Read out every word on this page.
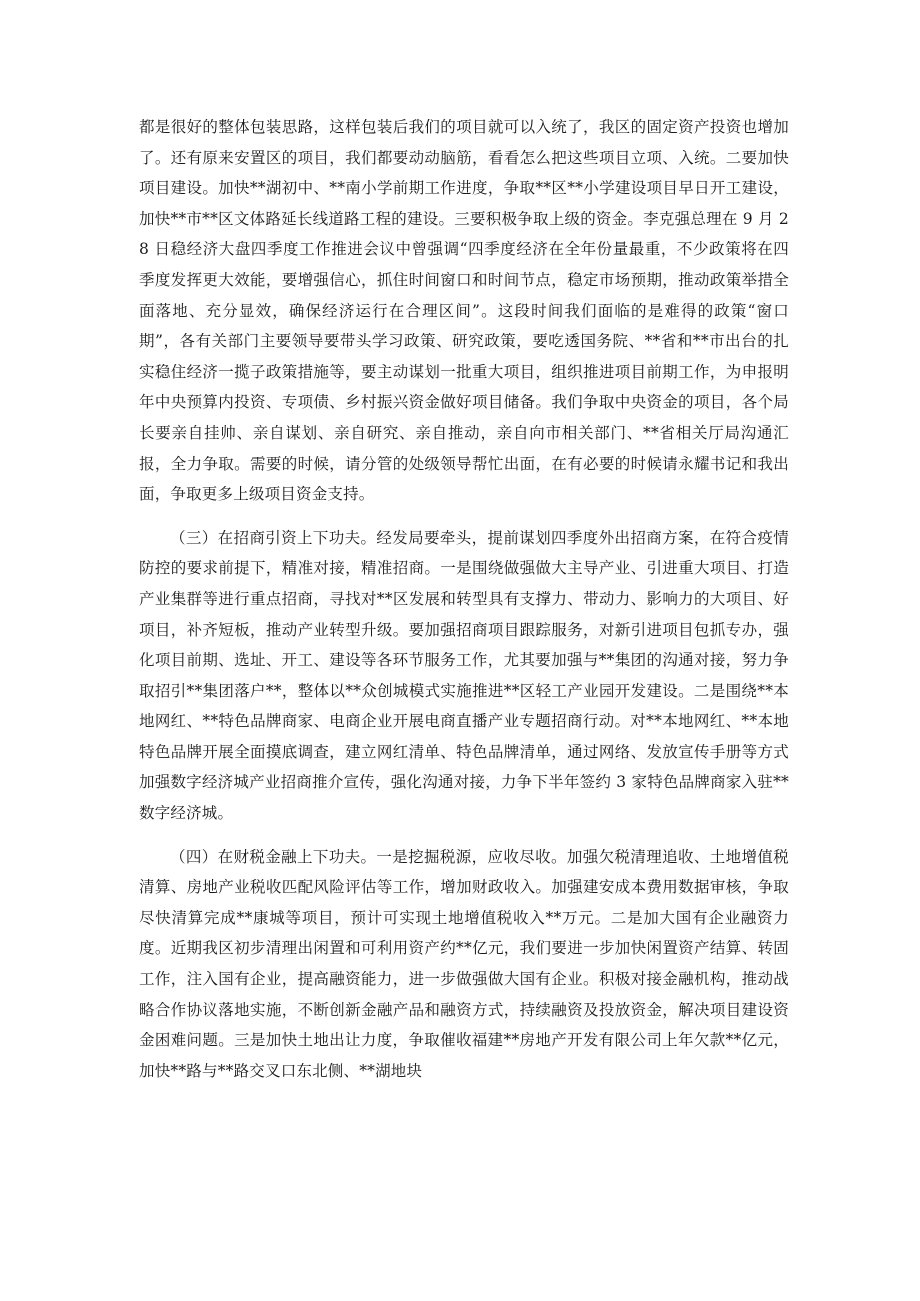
都是很好的整体包装思路，这样包装后我们的项目就可以入统了，我区的固定资产投资也增加了。还有原来安置区的项目，我们都要动动脑筋，看看怎么把这些项目立项、入统。二要加快项目建设。加快**湖初中、**南小学前期工作进度，争取**区**小学建设项目早日开工建设，加快**市**区文体路延长线道路工程的建设。三要积极争取上级的资金。李克强总理在 9 月 28 日稳经济大盘四季度工作推进会议中曾强调“四季度经济在全年份量最重，不少政策将在四季度发挥更大效能，要增强信心，抓住时间窗口和时间节点，稳定市场预期，推动政策举措全面落地、充分显效，确保经济运行在合理区间”。这段时间我们面临的是难得的政策“窗口期”，各有关部门主要领导要带头学习政策、研究政策，要吃透国务院、**省和**市出台的扎实稳住经济一揽子政策措施等，要主动谋划一批重大项目，组织推进项目前期工作，为申报明年中央预算内投资、专项债、乡村振兴资金做好项目储备。我们争取中央资金的项目，各个局长要亲自挂帅、亲自谋划、亲自研究、亲自推动，亲自向市相关部门、**省相关厅局沟通汇报，全力争取。需要的时候，请分管的处级领导帮忙出面，在有必要的时候请永耀书记和我出面，争取更多上级项目资金支持。

（三）在招商引资上下功夫。经发局要牵头，提前谋划四季度外出招商方案，在符合疫情防控的要求前提下，精准对接，精准招商。一是围绕做强做大主导产业、引进重大项目、打造产业集群等进行重点招商，寻找对**区发展和转型具有支撑力、带动力、影响力的大项目、好项目，补齐短板，推动产业转型升级。要加强招商项目跟踪服务，对新引进项目包抓专办，强化项目前期、选址、开工、建设等各环节服务工作，尤其要加强与**集团的沟通对接，努力争取招引**集团落户**，整体以**众创城模式实施推进**区轻工产业园开发建设。二是围绕**本地网红、**特色品牌商家、电商企业开展电商直播产业专题招商行动。对**本地网红、**本地特色品牌开展全面摸底调查，建立网红清单、特色品牌清单，通过网络、发放宣传手册等方式加强数字经济城产业招商推介宣传，强化沟通对接，力争下半年签约 3 家特色品牌商家入驻**数字经济城。

（四）在财税金融上下功夫。一是挖掘税源，应收尽收。加强欠税清理追收、土地增值税清算、房地产业税收匹配风险评估等工作，增加财政收入。加强建安成本费用数据审核，争取尽快清算完成**康城等项目，预计可实现土地增值税收入**万元。二是加大国有企业融资力度。近期我区初步清理出闲置和可利用资产约**亿元，我们要进一步加快闲置资产结算、转固工作，注入国有企业，提高融资能力，进一步做强做大国有企业。积极对接金融机构，推动战略合作协议落地实施，不断创新金融产品和融资方式，持续融资及投放资金，解决项目建设资金困难问题。三是加快土地出让力度，争取催收福建**房地产开发有限公司上年欠款**亿元，加快**路与**路交叉口东北侧、**湖地块
